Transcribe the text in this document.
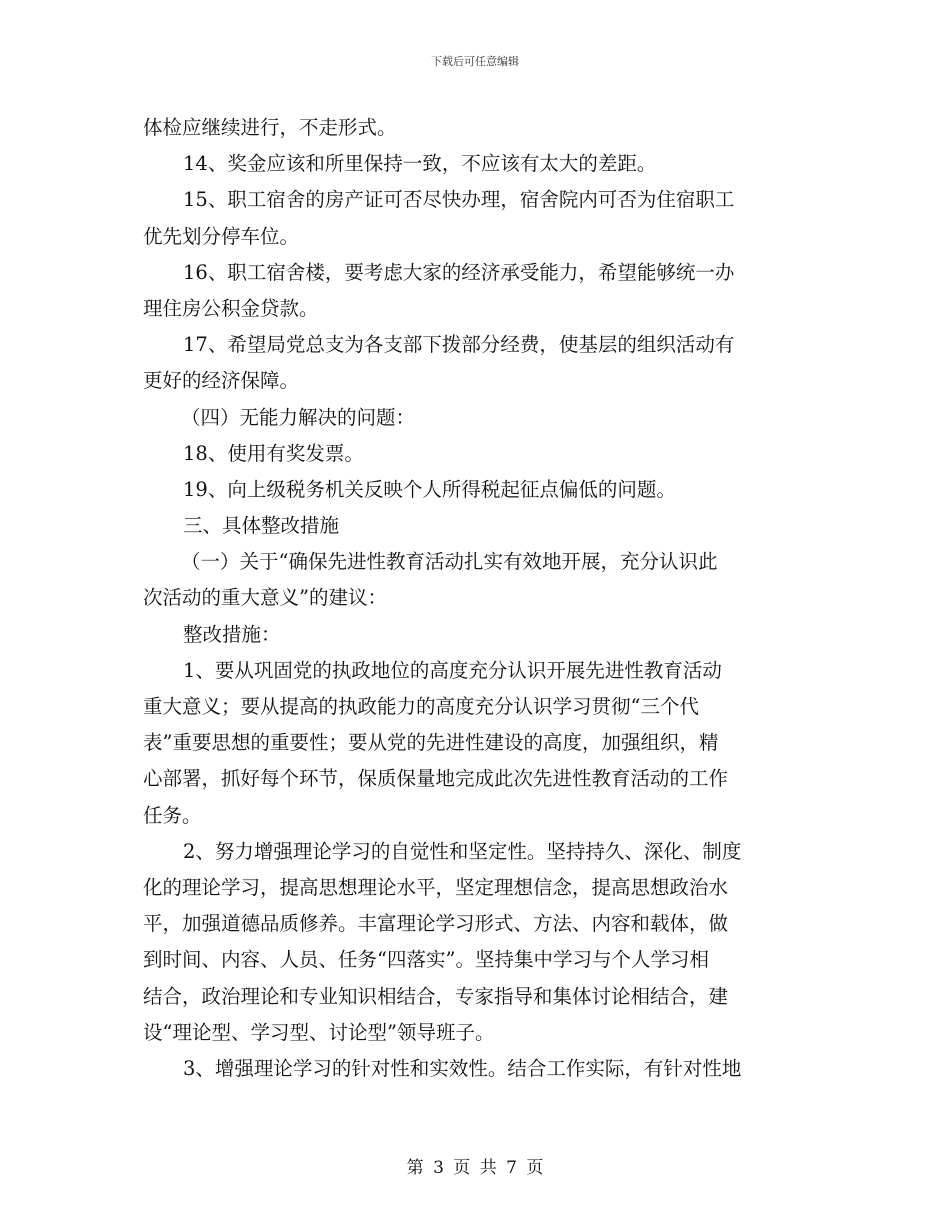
下载后可任意编辑
体检应继续进行，不走形式。
14、奖金应该和所里保持一致，不应该有太大的差距。
15、职工宿舍的房产证可否尽快办理，宿舍院内可否为住宿职工
优先划分停车位。
16、职工宿舍楼，要考虑大家的经济承受能力，希望能够统一办
理住房公积金贷款。
17、希望局党总支为各支部下拨部分经费，使基层的组织活动有
更好的经济保障。
（四）无能力解决的问题：
18、使用有奖发票。
19、向上级税务机关反映个人所得税起征点偏低的问题。
三、具体整改措施
（一）关于“确保先进性教育活动扎实有效地开展，充分认识此
次活动的重大意义”的建议：
整改措施：
1、要从巩固党的执政地位的高度充分认识开展先进性教育活动
重大意义；要从提高的执政能力的高度充分认识学习贯彻“三个代
表”重要思想的重要性；要从党的先进性建设的高度，加强组织，精
心部署，抓好每个环节，保质保量地完成此次先进性教育活动的工作
任务。
2、努力增强理论学习的自觉性和坚定性。坚持持久、深化、制度
化的理论学习，提高思想理论水平，坚定理想信念，提高思想政治水
平，加强道德品质修养。丰富理论学习形式、方法、内容和载体，做
到时间、内容、人员、任务“四落实”。坚持集中学习与个人学习相
结合，政治理论和专业知识相结合，专家指导和集体讨论相结合，建
设“理论型、学习型、讨论型”领导班子。
3、增强理论学习的针对性和实效性。结合工作实际，有针对性地
第 3 页 共 7 页
